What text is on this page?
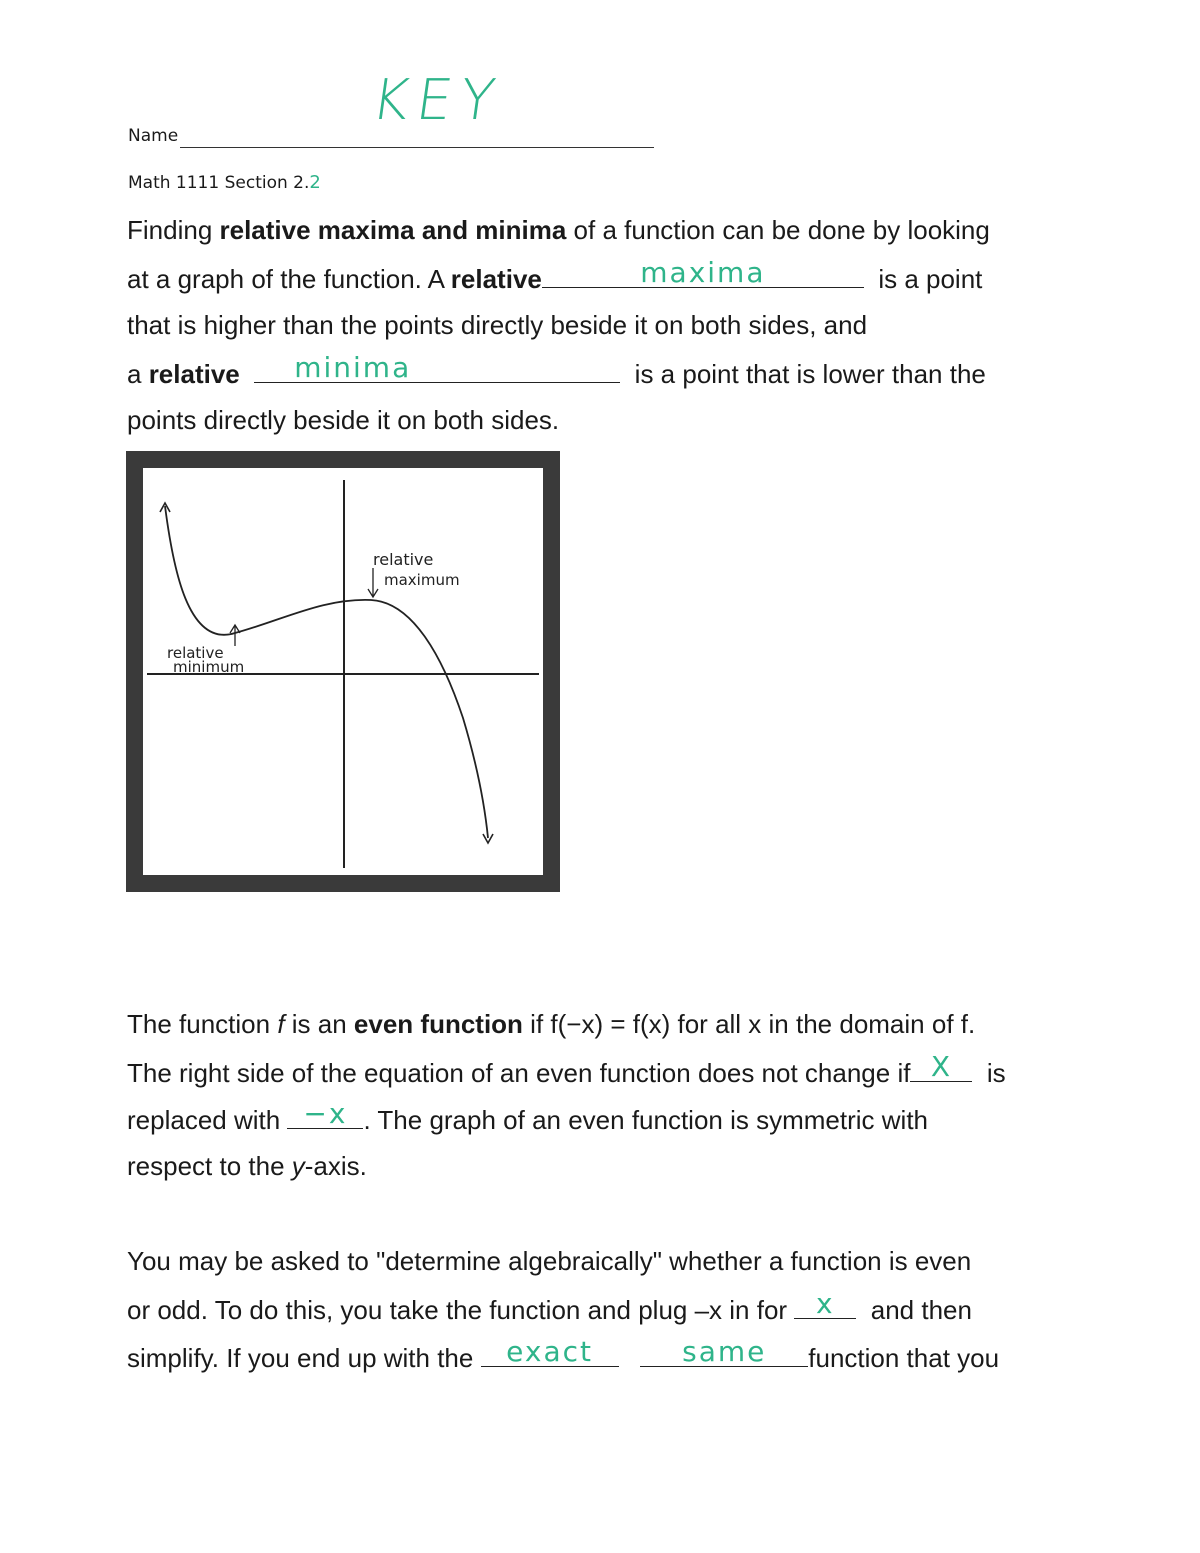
KEY
Name
Math 1111 Section 2.2
Finding relative maxima and minima of a function can be done by looking
at a graph of the function. A relative	maxima	is a point
that is higher than the points directly beside it on both sides, and
a relative minima	is a point that is lower than the
points directly beside it on both sides.
relative
maximum
relative
minimum
The function f is an even function if f(−x) = f(x) for all x in the domain of f.
The right side of the equation of an even function does not change if X	is
replaced with −x . The graph of an even function is symmetric with
respect to the y-axis.
You may be asked to "determine algebraically" whether a function is even
or odd. To do this, you take the function and plug –x in for	x	and then
simplify. If you end up with the	exact
	same	function that you
